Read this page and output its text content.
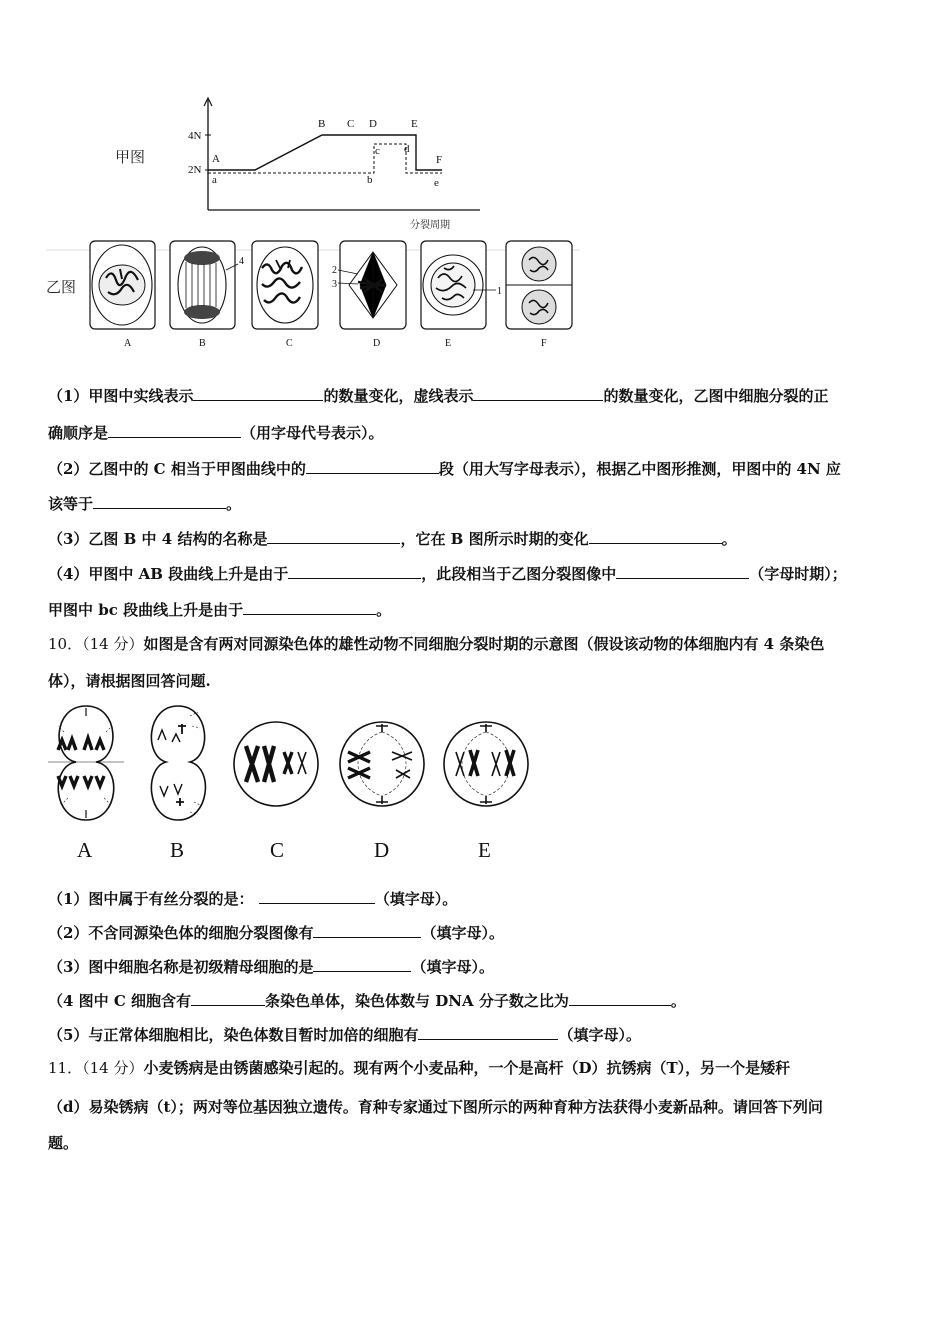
甲图
4N
2N
分裂周期
A
B C D	E
F
a	b
c d
e
乙图
A
4
B	C
2
3
D
1
E	F
（1）甲图中实线表示	的数量变化，虚线表示	的数量变化，乙图中细胞分裂的正
确顺序是	（用字母代号表示）。
（2）乙图中的 C 相当于甲图曲线中的	段（用大写字母表示），根据乙中图形推测，甲图中的 4N 应
该等于	。
（3）乙图 B 中 4 结构的名称是	，它在 B 图所示时期的变化	。
（4）甲图中 AB 段曲线上升是由于	，此段相当于乙图分裂图像中	（字母时期）；
甲图中 bc 段曲线上升是由于	。
10．（14 分）如图是含有两对同源染色体的雄性动物不同细胞分裂时期的示意图（假设该动物的体细胞内有 4 条染色
体），请根据图回答问题.
A	B	C	D	E
（1）图中属于有丝分裂的是：	（填字母）。
（2）不含同源染色体的细胞分裂图像有	（填字母）。
（3）图中细胞名称是初级精母细胞的是	（填字母）。
（4 图中 C 细胞含有	条染色单体，染色体数与 DNA 分子数之比为	。
（5）与正常体细胞相比，染色体数目暂时加倍的细胞有	（填字母）。
11．（14 分）小麦锈病是由锈菌感染引起的。现有两个小麦品种，一个是高杆（D）抗锈病（T），另一个是矮秆
（d）易染锈病（t）；两对等位基因独立遗传。育种专家通过下图所示的两种育种方法获得小麦新品种。请回答下列问
题。
